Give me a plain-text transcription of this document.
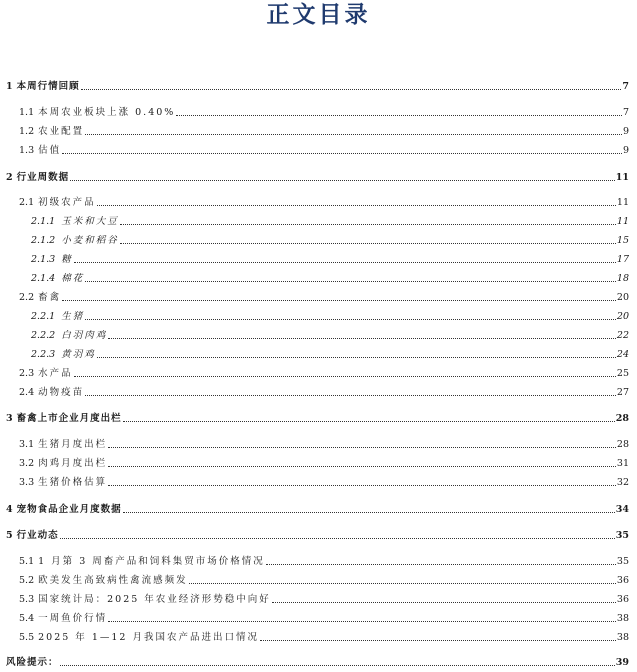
正文目录
1 本周行情回顾	7
1.1 本周农业板块上涨 0.40%	7
1.2 农业配置	9
1.3 估值	9
2 行业周数据	11
2.1 初级农产品	11
2.1.1 玉米和大豆	11
2.1.2 小麦和稻谷	15
2.1.3 糖	17
2.1.4 棉花	18
2.2 畜禽	20
2.2.1 生猪	20
2.2.2 白羽肉鸡	22
2.2.3 黄羽鸡	24
2.3 水产品	25
2.4 动物疫苗	27
3 畜禽上市企业月度出栏	28
3.1 生猪月度出栏	28
3.2 肉鸡月度出栏	31
3.3 生猪价格估算	32
4 宠物食品企业月度数据	34
5 行业动态	35
5.1 1 月第 3 周畜产品和饲料集贸市场价格情况	35
5.2 欧美发生高致病性禽流感频发	36
5.3 国家统计局：2025 年农业经济形势稳中向好	36
5.4 一周鱼价行情	38
5.5 2025 年 1—12 月我国农产品进出口情况	38
风险提示：	39
